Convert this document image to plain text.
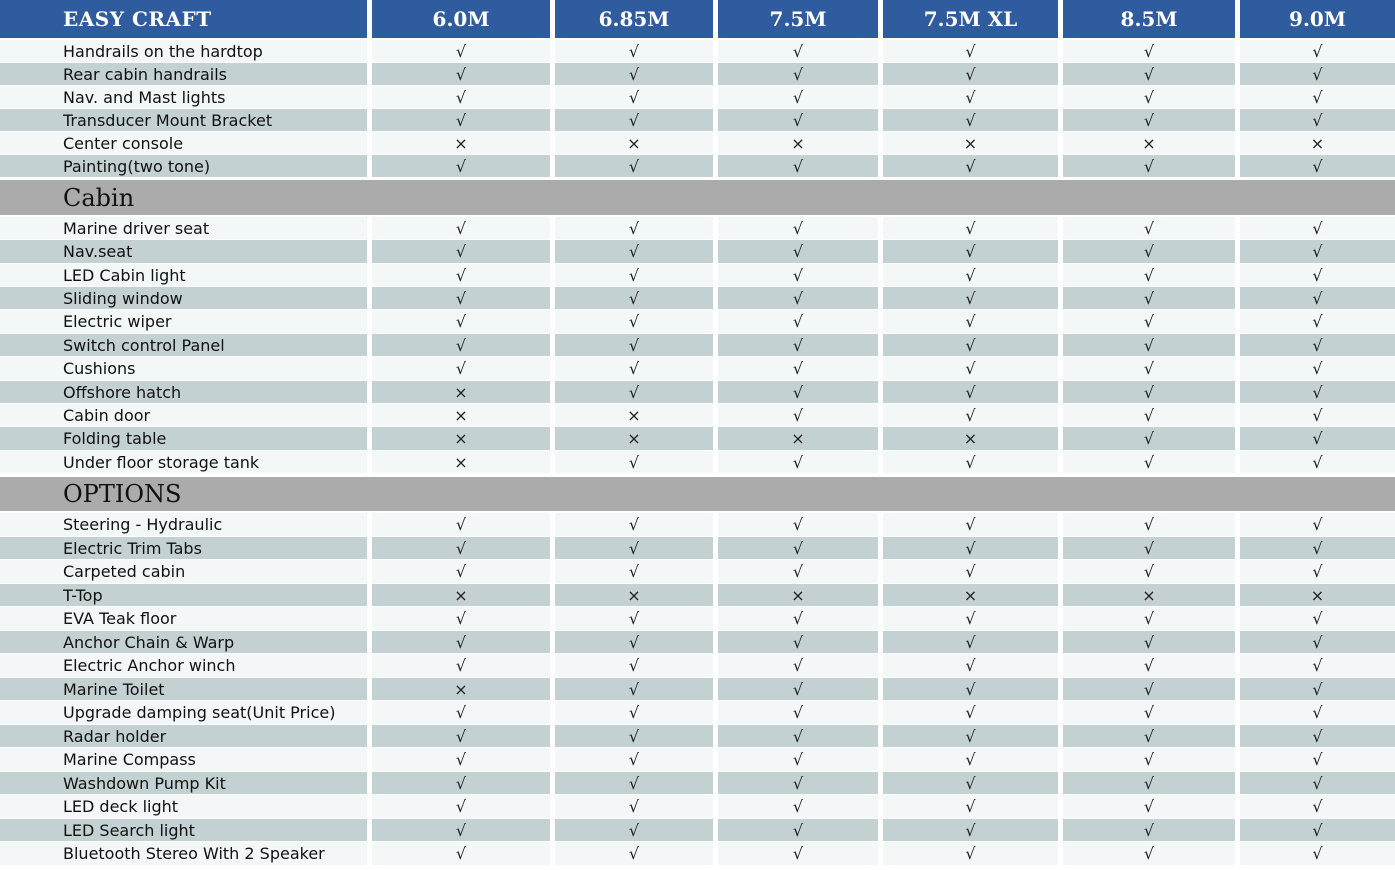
EASY CRAFT	6.0M	6.85M	7.5M	7.5M XL	8.5M	9.0M
Handrails on the hardtop	√	√	√	√	√	√
Rear cabin handrails	√	√	√	√	√	√
Nav. and Mast lights	√	√	√	√	√	√
Transducer Mount Bracket	√	√	√	√	√	√
Center console	×	×	×	×	×	×
Painting(two tone)	√	√	√	√	√	√
Cabin
Marine driver seat	√	√	√	√	√	√
Nav.seat	√	√	√	√	√	√
LED Cabin light	√	√	√	√	√	√
Sliding window	√	√	√	√	√	√
Electric wiper	√	√	√	√	√	√
Switch control Panel	√	√	√	√	√	√
Cushions	√	√	√	√	√	√
Offshore hatch	×	√	√	√	√	√
Cabin door	×	×	√	√	√	√
Folding table	×	×	×	×	√	√
Under floor storage tank	×	√	√	√	√	√
OPTIONS
Steering - Hydraulic	√	√	√	√	√	√
Electric Trim Tabs	√	√	√	√	√	√
Carpeted cabin	√	√	√	√	√	√
T-Top	×	×	×	×	×	×
EVA Teak floor	√	√	√	√	√	√
Anchor Chain & Warp	√	√	√	√	√	√
Electric Anchor winch	√	√	√	√	√	√
Marine Toilet	×	√	√	√	√	√
Upgrade damping seat(Unit Price)	√	√	√	√	√	√
Radar holder	√	√	√	√	√	√
Marine Compass	√	√	√	√	√	√
Washdown Pump Kit	√	√	√	√	√	√
LED deck light	√	√	√	√	√	√
LED Search light	√	√	√	√	√	√
Bluetooth Stereo With 2 Speaker	√	√	√	√	√	√
